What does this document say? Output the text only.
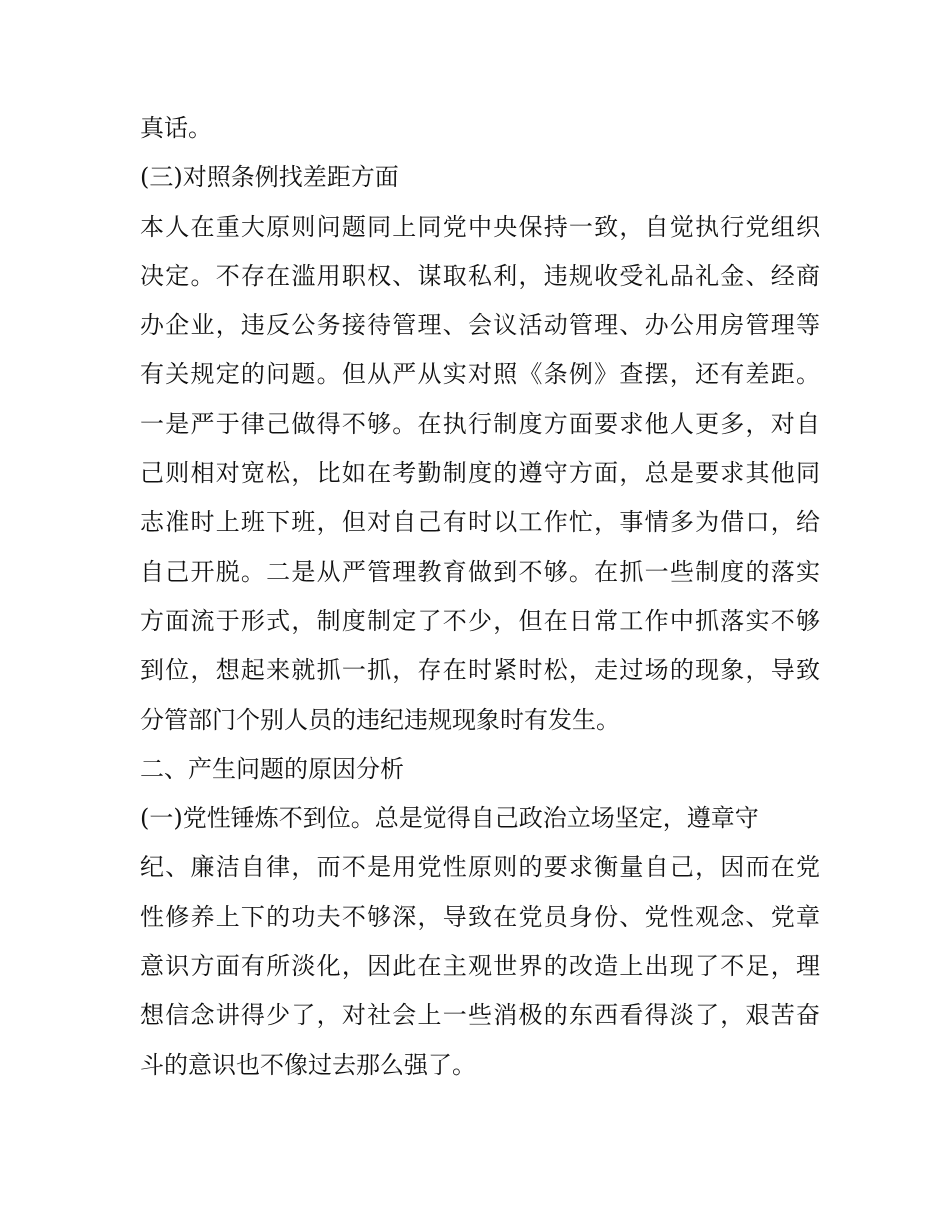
真话。
(三)对照条例找差距方面
本人在重大原则问题同上同党中央保持一致，自觉执行党组织
决定。不存在滥用职权、谋取私利，违规收受礼品礼金、经商
办企业，违反公务接待管理、会议活动管理、办公用房管理等
有关规定的问题。但从严从实对照《条例》查摆，还有差距。
一是严于律己做得不够。在执行制度方面要求他人更多，对自
己则相对宽松，比如在考勤制度的遵守方面，总是要求其他同
志准时上班下班，但对自己有时以工作忙，事情多为借口，给
自己开脱。二是从严管理教育做到不够。在抓一些制度的落实
方面流于形式，制度制定了不少，但在日常工作中抓落实不够
到位，想起来就抓一抓，存在时紧时松，走过场的现象，导致
分管部门个别人员的违纪违规现象时有发生。
二、产生问题的原因分析
(一)党性锤炼不到位。总是觉得自己政治立场坚定，遵章守
纪、廉洁自律，而不是用党性原则的要求衡量自己，因而在党
性修养上下的功夫不够深，导致在党员身份、党性观念、党章
意识方面有所淡化，因此在主观世界的改造上出现了不足，理
想信念讲得少了，对社会上一些消极的东西看得淡了，艰苦奋
斗的意识也不像过去那么强了。
